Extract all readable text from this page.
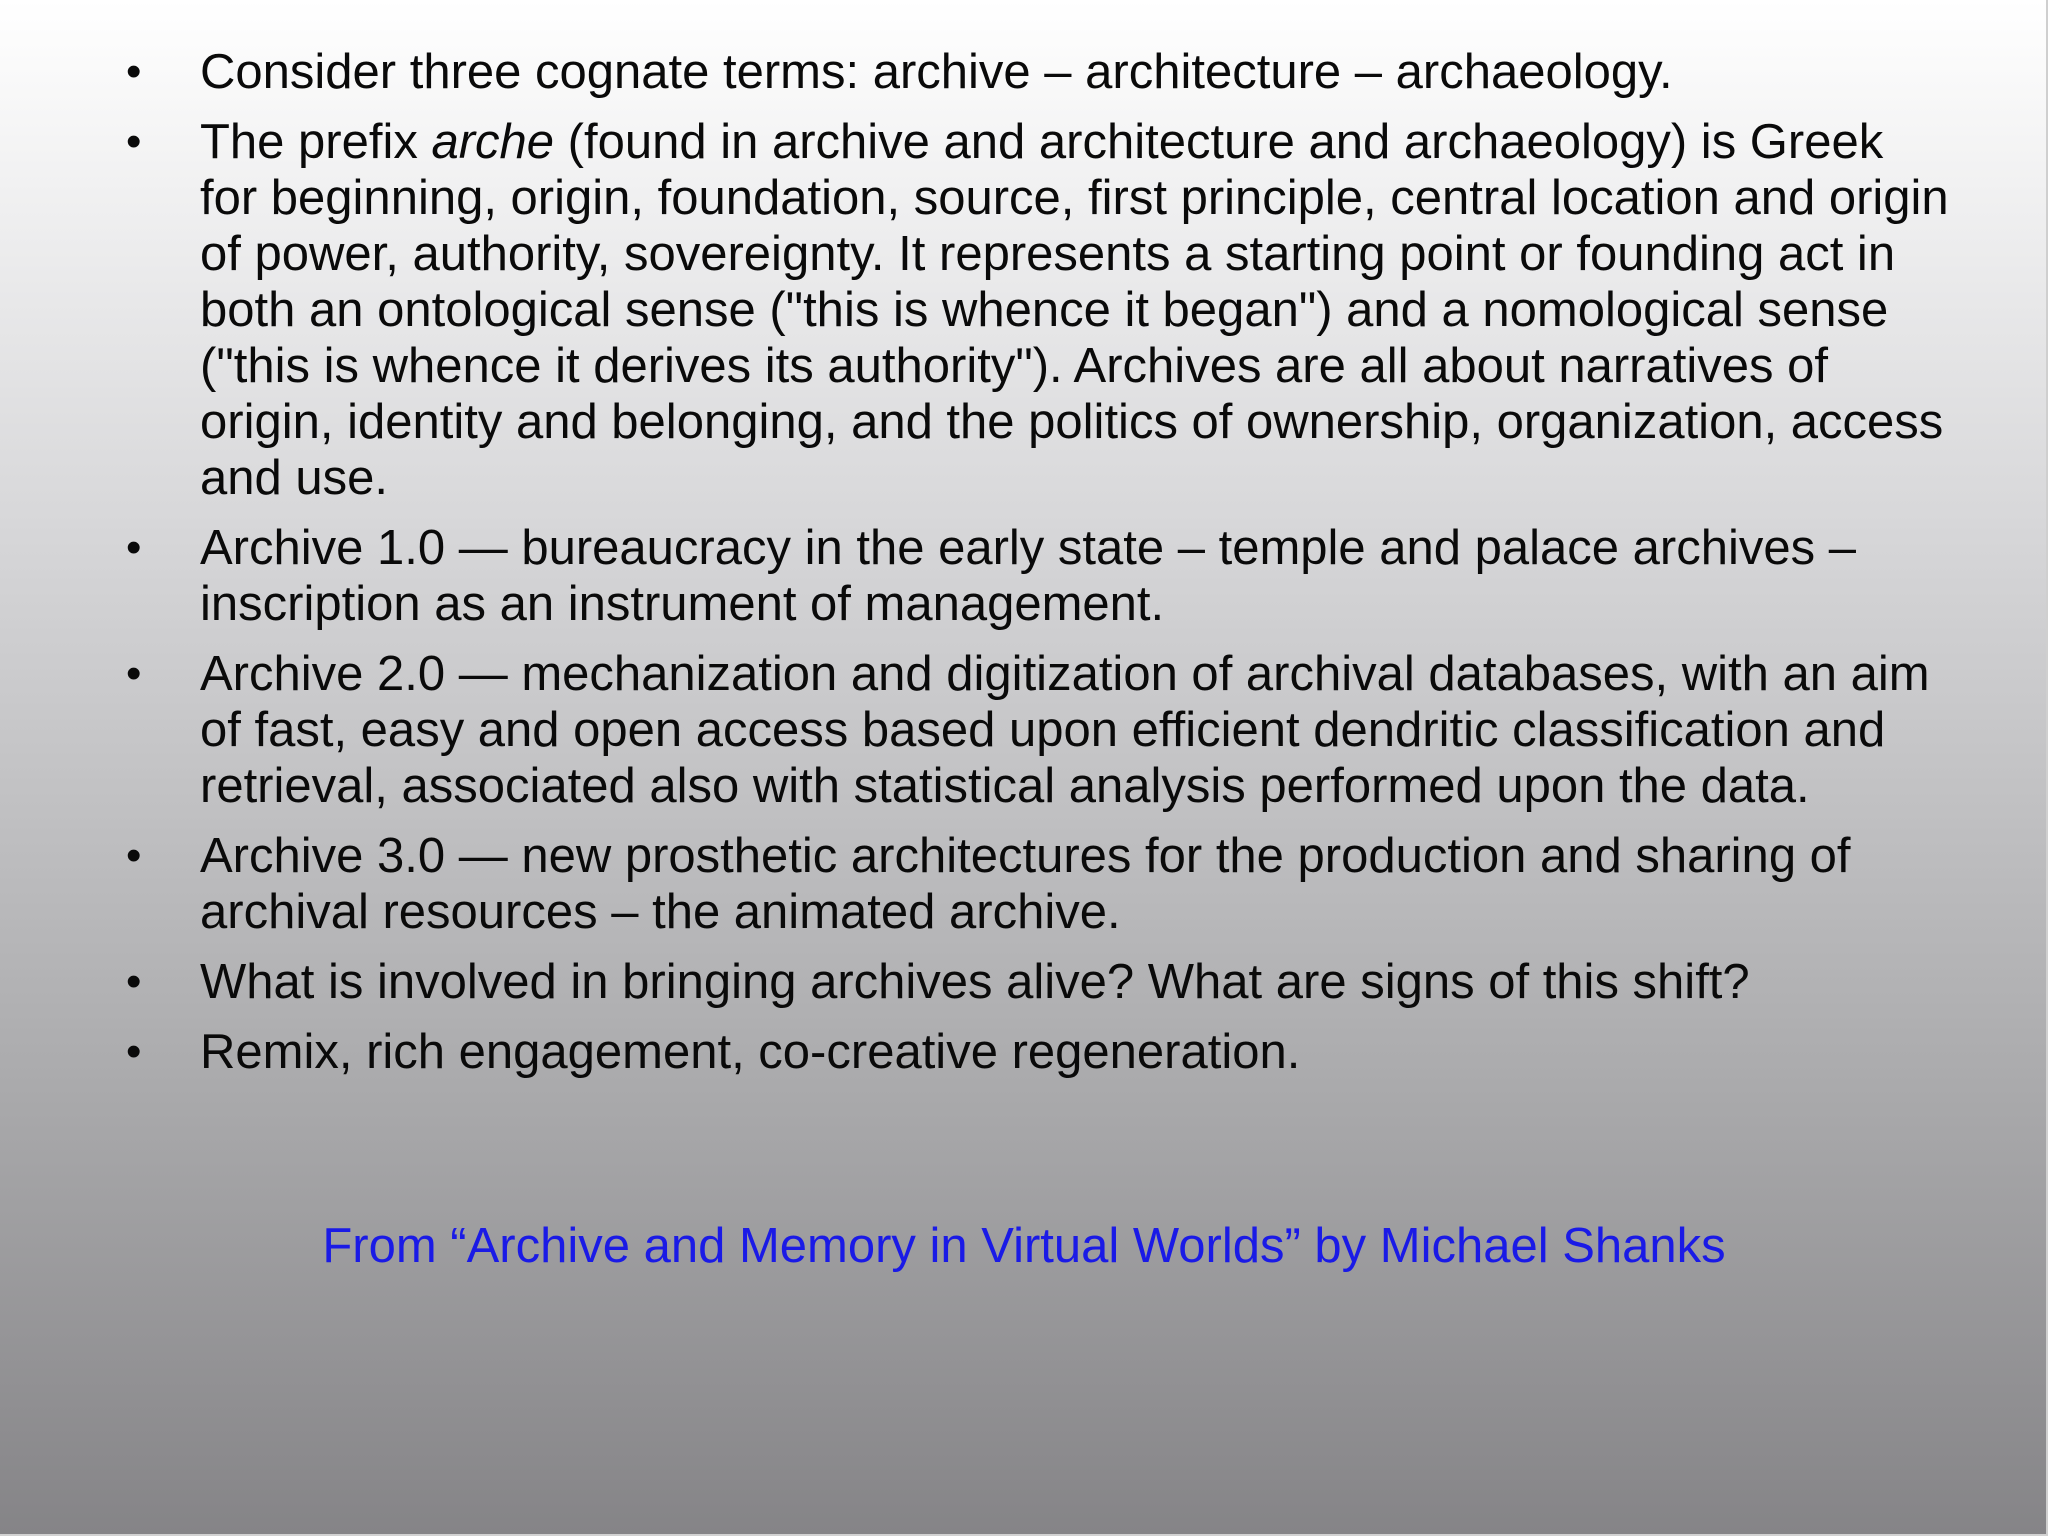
• Consider three cognate terms: archive – architecture – archaeology.
• The prefix arche (found in archive and architecture and archaeology) is Greek for beginning, origin, foundation, source, first principle, central location and origin of power, authority, sovereignty. It represents a starting point or founding act in both an ontological sense ("this is whence it began") and a nomological sense ("this is whence it derives its authority"). Archives are all about narratives of origin, identity and belonging, and the politics of ownership, organization, access and use.
• Archive 1.0 — bureaucracy in the early state – temple and palace archives – inscription as an instrument of management.
• Archive 2.0 — mechanization and digitization of archival databases, with an aim of fast, easy and open access based upon efficient dendritic classification and retrieval, associated also with statistical analysis performed upon the data.
• Archive 3.0 — new prosthetic architectures for the production and sharing of archival resources – the animated archive.
• What is involved in bringing archives alive? What are signs of this shift?
• Remix, rich engagement, co-creative regeneration.
From “Archive and Memory in Virtual Worlds” by Michael Shanks
